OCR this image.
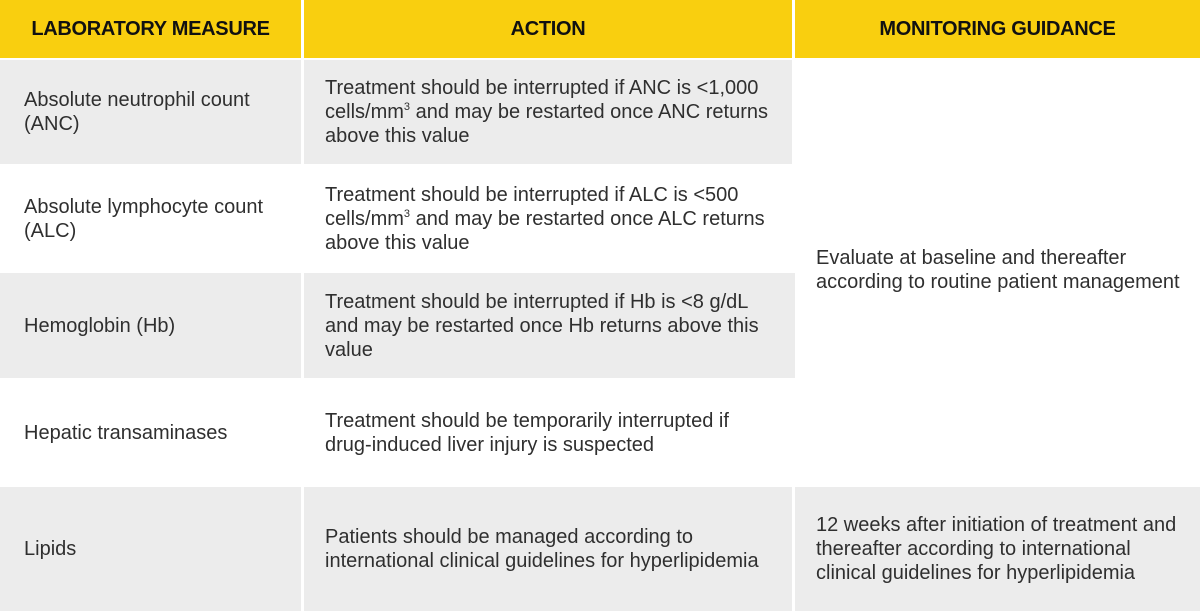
LABORATORY MEASURE	ACTION	MONITORING GUIDANCE
Absolute neutrophil count (ANC)	Treatment should be interrupted if ANC is <1,000 cells/$mm^3$ and may be restarted once ANC returns above this value	Evaluate at baseline and thereafter according to routine patient management
Absolute lymphocyte count (ALC)	Treatment should be interrupted if ALC is <500 cells/$mm^3$ and may be restarted once ALC returns above this value	
Hemoglobin (Hb)	Treatment should be interrupted if Hb is <8 g/dL and may be restarted once Hb returns above this value	
Hepatic transaminases	Treatment should be temporarily interrupted if drug-induced liver injury is suspected	
Lipids	Patients should be managed according to international clinical guidelines for hyperlipidemia	12 weeks after initiation of treatment and thereafter according to international clinical guidelines for hyperlipidemia
